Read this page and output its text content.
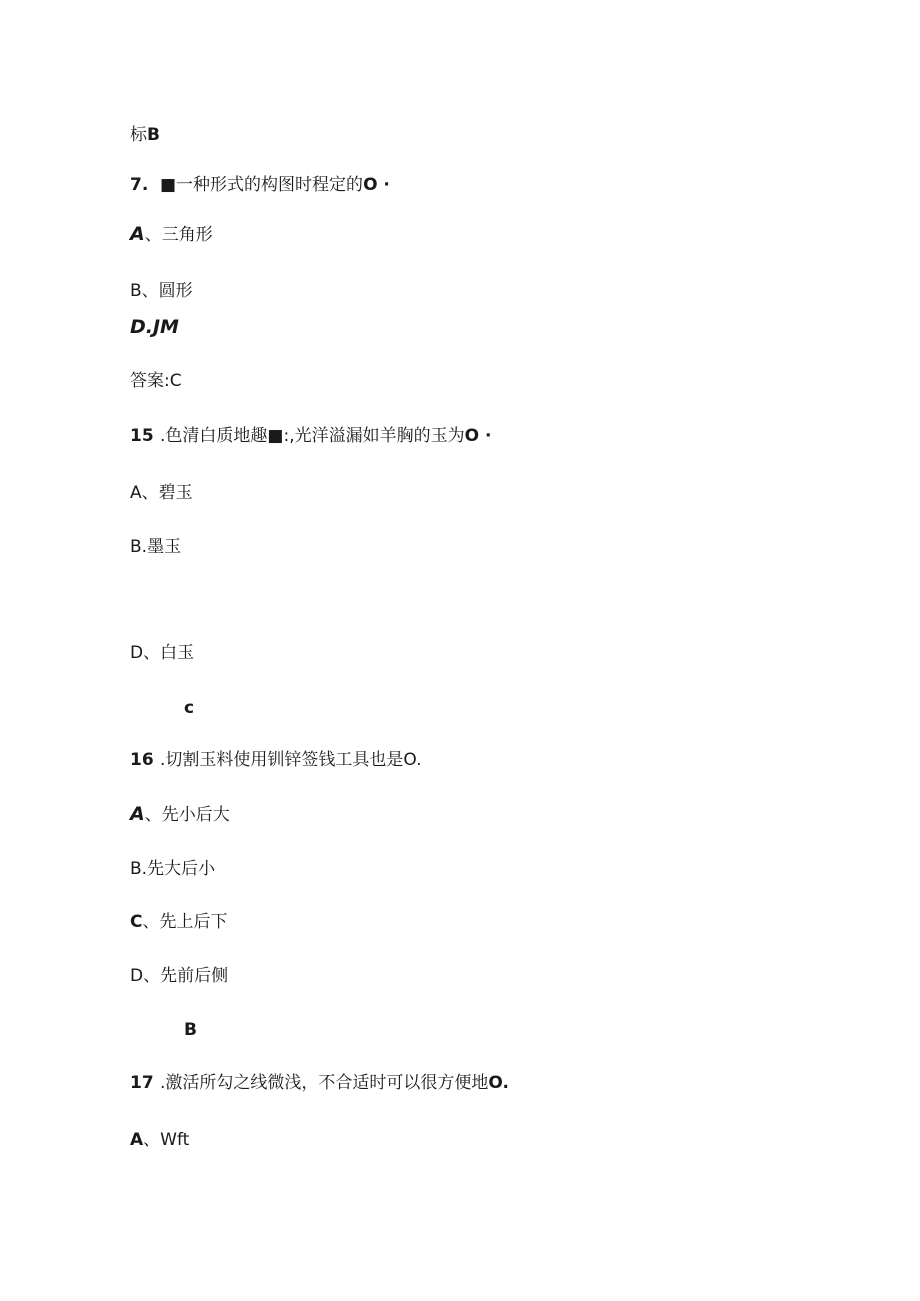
标B
7. ■一种形式的构图时程定的O ·
A、三角形
B、圆形
D.JM
答案:C
15 .色清白质地趣■:,光洋溢漏如羊胸的玉为O ·
A、碧玉
B.墨玉
D、白玉
c
16 .切割玉料使用钏锌签钱工具也是O.
A、先小后大
B.先大后小
C、先上后下
D、先前后侧
B
17 .激活所勾之线微浅，不合适时可以很方便地O.
A、Wft
